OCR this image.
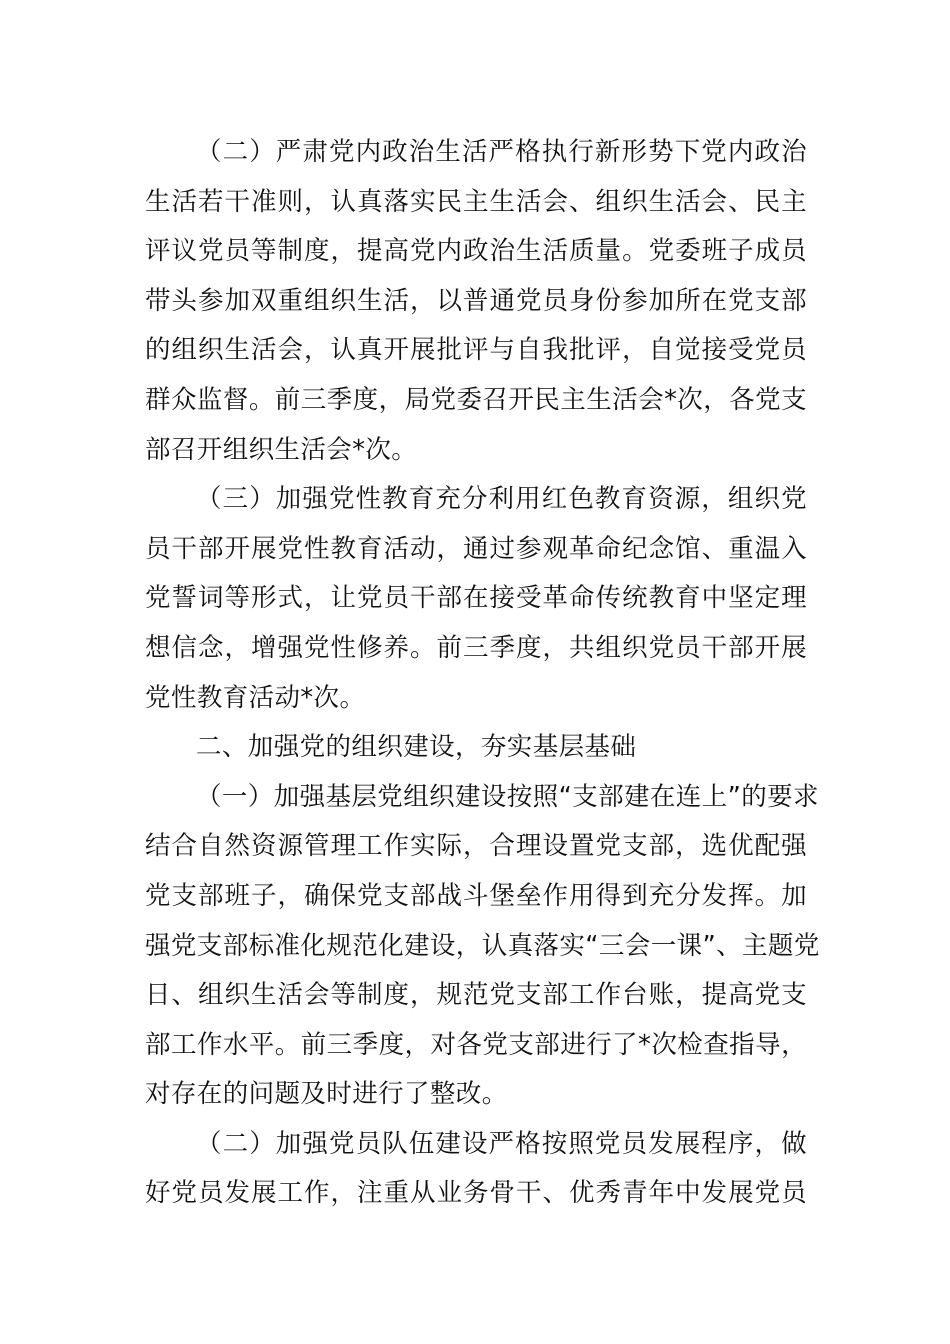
（二）严肃党内政治生活严格执行新形势下党内政治
生活若干准则，认真落实民主生活会、组织生活会、民主
评议党员等制度，提高党内政治生活质量。党委班子成员
带头参加双重组织生活，以普通党员身份参加所在党支部
的组织生活会，认真开展批评与自我批评，自觉接受党员
群众监督。前三季度，局党委召开民主生活会*次，各党支
部召开组织生活会*次。

（三）加强党性教育充分利用红色教育资源，组织党
员干部开展党性教育活动，通过参观革命纪念馆、重温入
党誓词等形式，让党员干部在接受革命传统教育中坚定理
想信念，增强党性修养。前三季度，共组织党员干部开展
党性教育活动*次。

二、加强党的组织建设，夯实基层基础

（一）加强基层党组织建设按照“支部建在连上”的要求
结合自然资源管理工作实际，合理设置党支部，选优配强
党支部班子，确保党支部战斗堡垒作用得到充分发挥。加
强党支部标准化规范化建设，认真落实“三会一课”、主题党
日、组织生活会等制度，规范党支部工作台账，提高党支
部工作水平。前三季度，对各党支部进行了*次检查指导，
对存在的问题及时进行了整改。

（二）加强党员队伍建设严格按照党员发展程序，做
好党员发展工作，注重从业务骨干、优秀青年中发展党员
